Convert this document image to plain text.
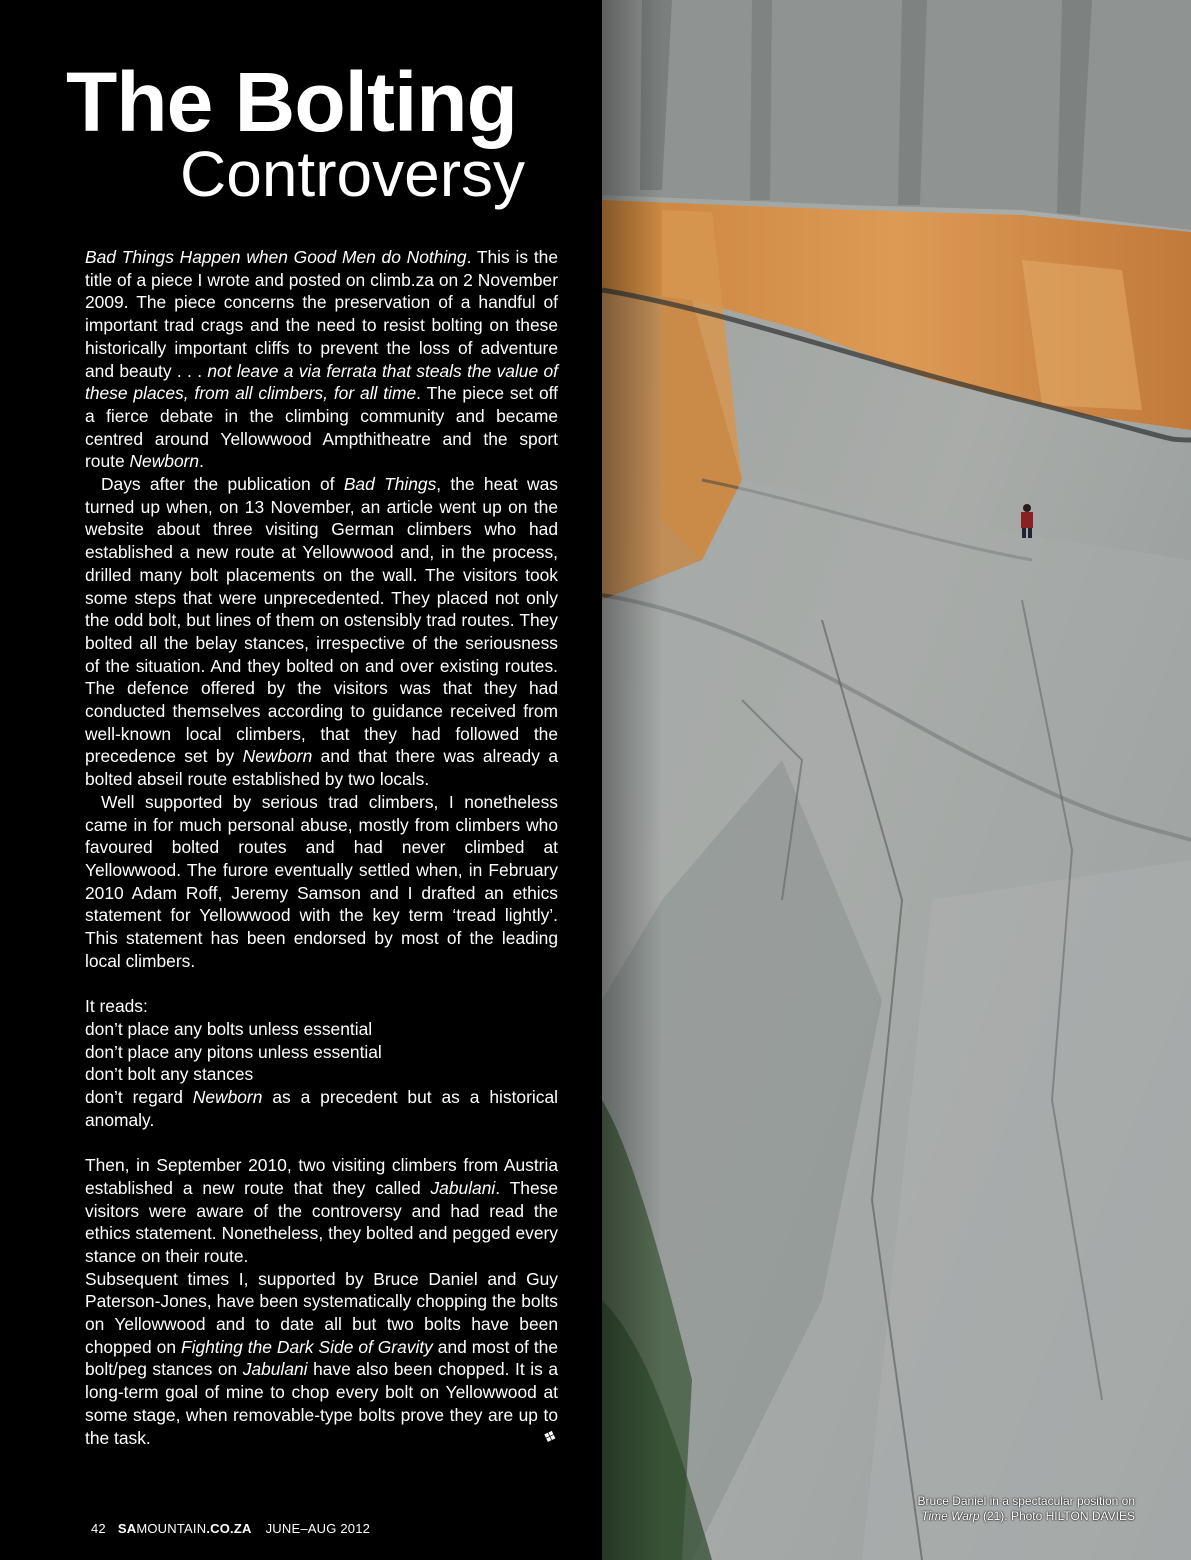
The Bolting
Controversy

Bad Things Happen when Good Men do Nothing. This is the title of a piece I wrote and posted on climb.za on 2 November 2009. The piece concerns the preservation of a handful of important trad crags and the need to resist bolting on these historically important cliffs to prevent the loss of adventure and beauty . . . not leave a via ferrata that steals the value of these places, from all climbers, for all time. The piece set off a fierce debate in the climbing community and became centred around Yellowwood Ampthitheatre and the sport route Newborn.

Days after the publication of Bad Things, the heat was turned up when, on 13 November, an article went up on the website about three visiting German climbers who had established a new route at Yellowwood and, in the process, drilled many bolt placements on the wall. The visitors took some steps that were unprecedented. They placed not only the odd bolt, but lines of them on ostensibly trad routes. They bolted all the belay stances, irrespective of the seriousness of the situation. And they bolted on and over existing routes. The defence offered by the visitors was that they had conducted themselves according to guidance received from well-known local climbers, that they had followed the precedence set by Newborn and that there was already a bolted abseil route established by two locals.

Well supported by serious trad climbers, I nonetheless came in for much personal abuse, mostly from climbers who favoured bolted routes and had never climbed at Yellowwood. The furore eventually settled when, in February 2010 Adam Roff, Jeremy Samson and I drafted an ethics statement for Yellowwood with the key term ‘tread lightly’. This statement has been endorsed by most of the leading local climbers.

It reads:

don’t place any bolts unless essential
don’t place any pitons unless essential
don’t bolt any stances

don’t regard Newborn as a precedent but as a historical anomaly.

Then, in September 2010, two visiting climbers from Austria established a new route that they called Jabulani. These visitors were aware of the controversy and had read the ethics statement. Nonetheless, they bolted and pegged every stance on their route.

Subsequent times I, supported by Bruce Daniel and Guy Paterson-Jones, have been systematically chopping the bolts on Yellowwood and to date all but two bolts have been chopped on Fighting the Dark Side of Gravity and most of the bolt/peg stances on Jabulani have also been chopped. It is a long-term goal of mine to chop every bolt on Yellowwood at some stage, when removable-type bolts prove they are up to the task.	❖

42 SAMOUNTAIN.CO.ZA JUNE–AUG 2012
Bruce Daniel in a spectacular position on
Time Warp (21). Photo HILTON DAVIES
